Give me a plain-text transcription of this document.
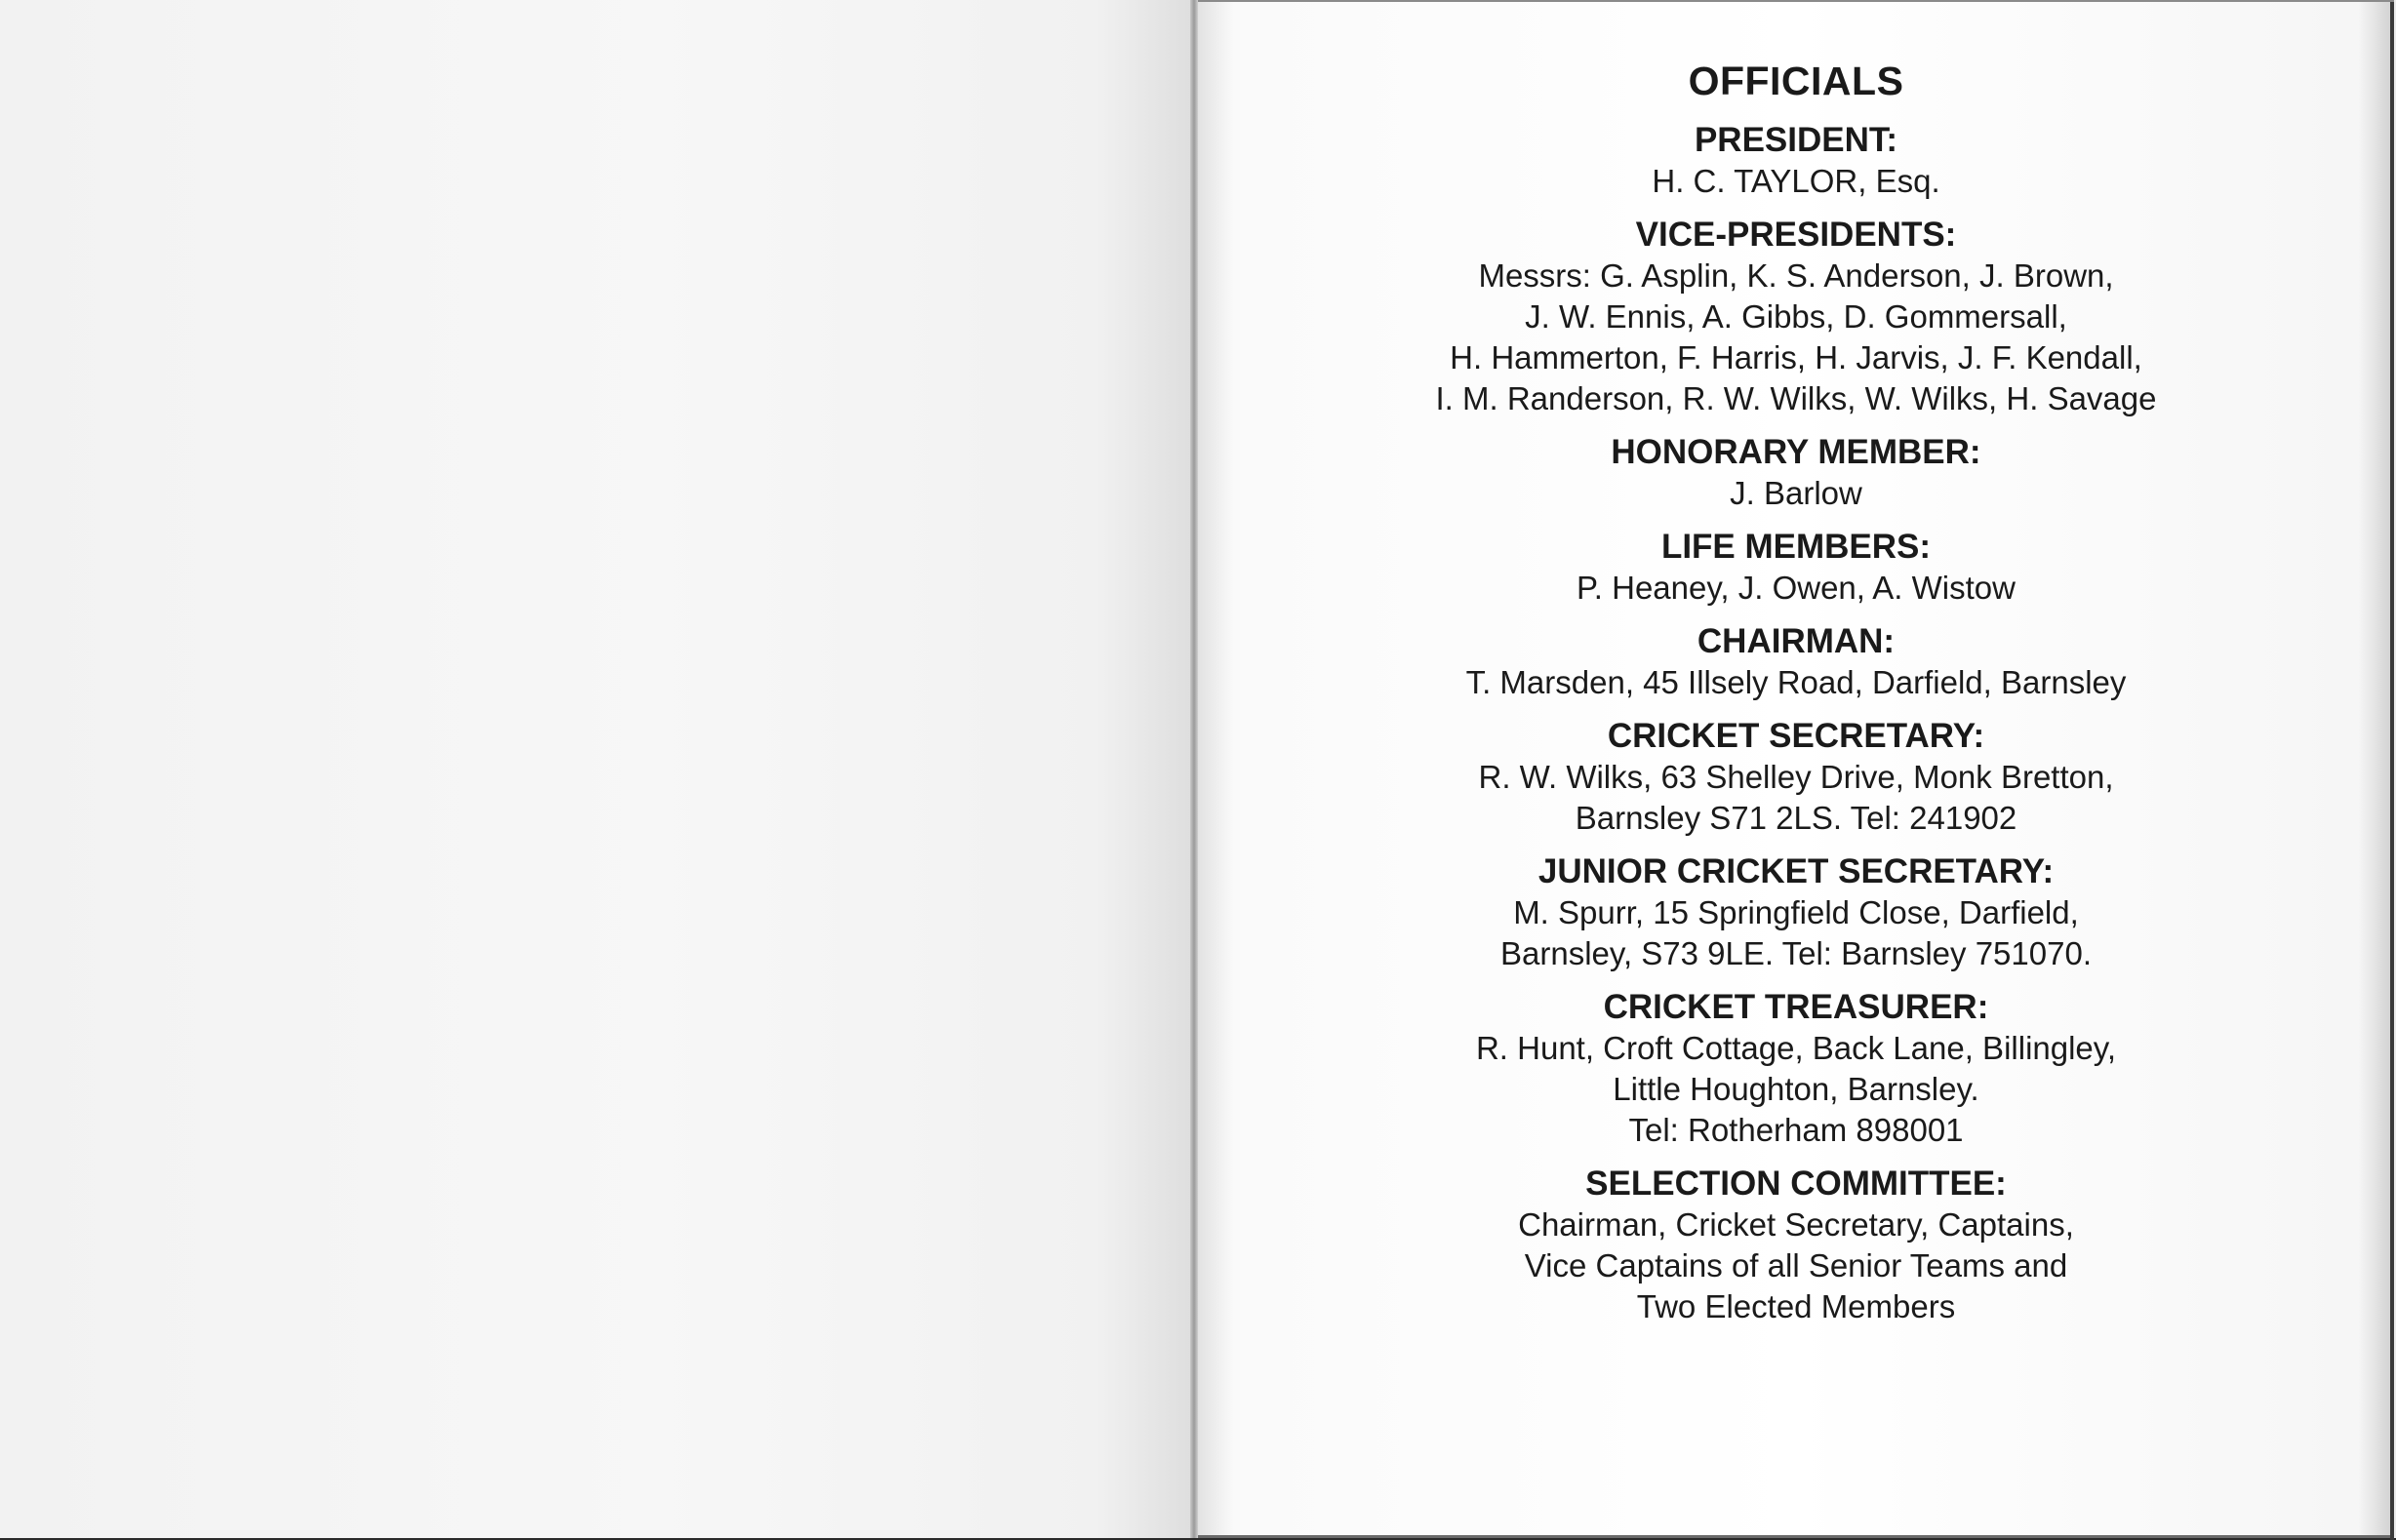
OFFICIALS

PRESIDENT:

H. C. TAYLOR, Esq.

VICE-PRESIDENTS:

Messrs: G. Asplin, K. S. Anderson, J. Brown,

J. W. Ennis, A. Gibbs, D. Gommersall,

H. Hammerton, F. Harris, H. Jarvis, J. F. Kendall,

I. M. Randerson, R. W. Wilks, W. Wilks, H. Savage

HONORARY MEMBER:

J. Barlow

LIFE MEMBERS:

P. Heaney, J. Owen, A. Wistow

CHAIRMAN:

T. Marsden, 45 Illsely Road, Darfield, Barnsley

CRICKET SECRETARY:

R. W. Wilks, 63 Shelley Drive, Monk Bretton,

Barnsley S71 2LS. Tel: 241902

JUNIOR CRICKET SECRETARY:

M. Spurr, 15 Springfield Close, Darfield,

Barnsley, S73 9LE. Tel: Barnsley 751070.

CRICKET TREASURER:

R. Hunt, Croft Cottage, Back Lane, Billingley,

Little Houghton, Barnsley.

Tel: Rotherham 898001

SELECTION COMMITTEE:

Chairman, Cricket Secretary, Captains,

Vice Captains of all Senior Teams and

Two Elected Members
